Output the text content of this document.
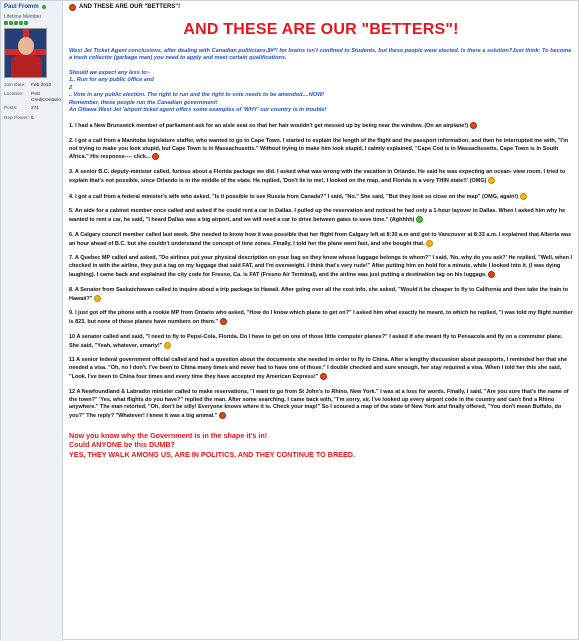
Paul Fromm
Lifetime Member
Join Date: Feb 2010
Location: Port Credit,Ontario
Posts:	271
Rep Power: 5
AND THESE ARE OUR "BETTERS"!
AND THESE ARE OUR "BETTERS"!
West Jet Ticket Agent conclusions, after dealing with Canadian politicians.$#*! for brains isn't confined to Students, but these people were elected. Is there a solution?Just think: To become a trash collector (garbage man) you need to apply and meet certain qualifications.
Should we expect any less to~
1.. Run for any public office and
2
.. Vote in any public election. The right to run and the right to vote needs to be amended....NOW!
Remember, these people run the Canadian government!
An Ottawa West Jet 'airport ticket agent offers some examples of 'WHY' our country is in trouble!
1. I had a New Brunswick member of parliament ask for an aisle seat so that her hair wouldn't get messed up by being near the window. (On an airplane!)
2. I got a call from a Manitoba legislature staffer, who wanted to go to Cape Town. I started to explain the length of the flight and the passport information, and then he interrupted me with, "I'm not trying to make you look stupid, but Cape Town is in Massachusetts." Without trying to make him look stupid, I calmly explained, "Cape Cod is in Massachusetts, Cape Town is in South Africa." His response---- click...
3. A senior B.C. deputy-minister called, furious about a Florida package we did. I asked what was wrong with the vacation in Orlando. He said he was expecting an ocean- view room. I tried to explain that's not possible, since Orlando is in the middle of the state. He replied, 'Don't lie to me!, I looked on the map, and Florida is a very THIN state!!' (OMG)
4. I got a call from a federal minister's wife who asked, "Is it possible to see Russia from Canada?" I said, "No." She said, "But they look so close on the map" (OMG, again!)
5. An aide for a cabinet member once called and asked if he could rent a car in Dallas. I pulled up the reservation and noticed he had only a 1-hour layover in Dallas. When I asked him why he wanted to rent a car, he said, "I heard Dallas was a big airport, and we will need a car to drive between gates to save time." (Aghhhh)
6. A Calgary council member called last week. She needed to know how it was possible that her flight from Calgary left at 8:30 a.m and got to Vancouver at 8:33 a.m. I explained that Alberta was an hour ahead of B.C. but she couldn't understand the concept of time zones. Finally, I told her the plane went fast, and she bought that.
7. A Quebec MP called and asked, "Do airlines put your physical description on your bag so they know whose luggage belongs to whom?" I said, 'No, why do you ask?' He replied, "Well, when I checked in with the airline, they put a tag on my luggage that said FAT, and I'm overweight. I think that's very rude!" After putting him on hold for a minute, while I looked into it. (I was dying laughing). I came back and explained the city code for Fresno, Ca. is FAT (Fresno Air Terminal), and the airline was just putting a destination tag on his luggage.
8. A Senator from Saskatchewan called to inquire about a trip package to Hawaii. After going over all the cost info, she asked, "Would it be cheaper to fly to California and then take the train to Hawaii?"
9. I just got off the phone with a rookie MP from Ontario who asked, "How do I know which plane to get on?" I asked him what exactly he meant, to which he replied, "I was told my flight number is 823, but none of these planes have numbers on them."
10 A senator called and said, "I need to fly to Pepsi-Cola, Florida. Do I have to get on one of those little computer planes?" I asked if she meant fly to Pensacola and fly on a commuter plane. She said, "Yeah, whatever, smarty!"
11 A senior federal government official called and had a question about the documents she needed in order to fly to China. After a lengthy discussion about passports, I reminded her that she needed a visa. "Oh, no I don't. I've been to China many times and never had to have one of those." I double checked and sure enough, her stay required a visa. When I told her this she said, "Look, I've been to China four times and every time they have accepted my American Express!"
12 A Newfoundland & Labrador minister called to make reservations, "I want to go from St John's to Rhino, New York." I was at a loss for words. Finally, I said, "Are you sure that's the name of the town?" 'Yes, what flights do you have?" replied the man. After some searching, I came back with, "I'm sorry, sir, I've looked up every airport code in the country and can't find a Rhino anywhere." The man retorted, "Oh, don't be silly! Everyone knows where it is. Check your map!" So I scoured a map of the state of New York and finally offered, "You don't mean Buffalo, do you?" The reply? "Whatever! I knew it was a big animal."
Now you know why the Government is in the shape it's in!
Could ANYONE be this DUMB?
YES, THEY WALK AMONG US, ARE IN POLITICS, AND THEY CONTINUE TO BREED.
